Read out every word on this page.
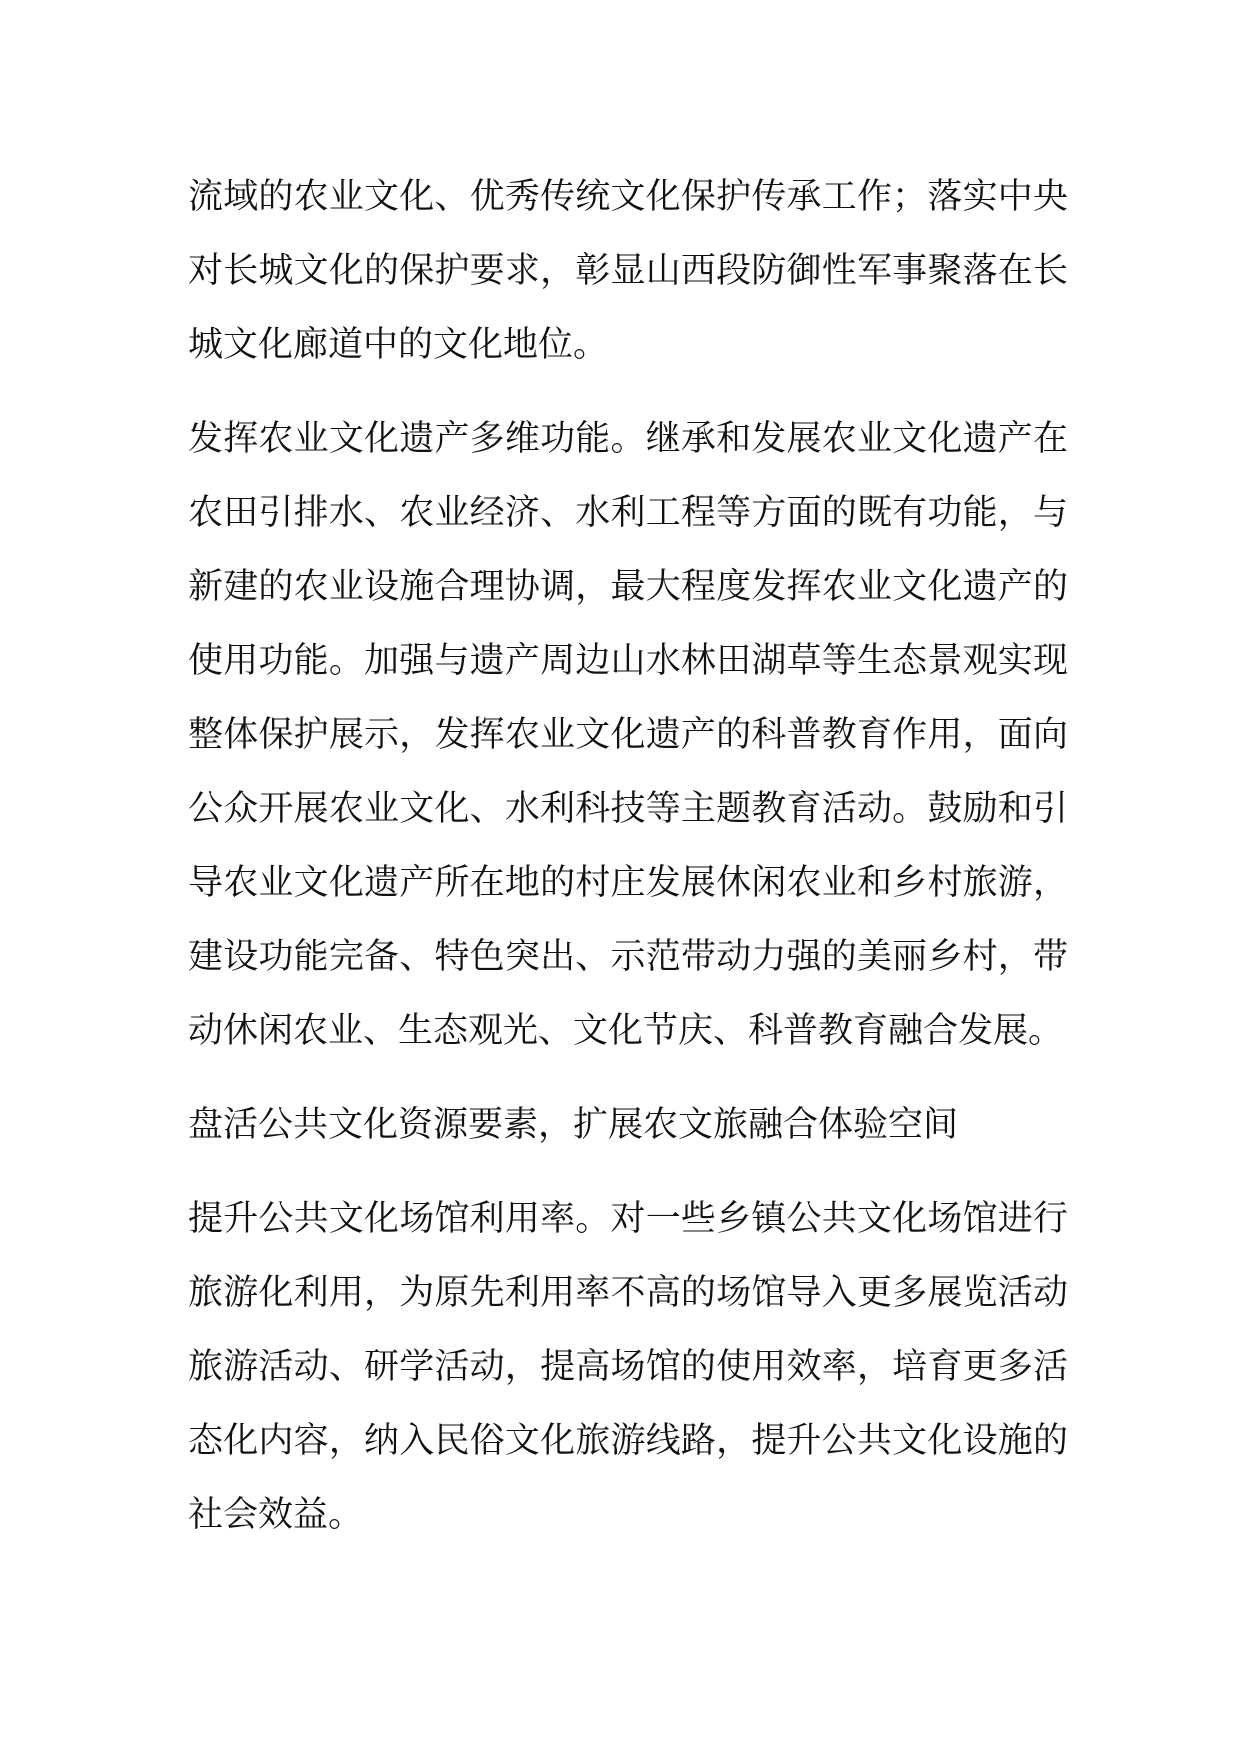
流域的农业文化、优秀传统文化保护传承工作；落实中央对长城文化的保护要求，彰显山西段防御性军事聚落在长城文化廊道中的文化地位。

发挥农业文化遗产多维功能。继承和发展农业文化遗产在农田引排水、农业经济、水利工程等方面的既有功能，与新建的农业设施合理协调，最大程度发挥农业文化遗产的使用功能。加强与遗产周边山水林田湖草等生态景观实现整体保护展示，发挥农业文化遗产的科普教育作用，面向公众开展农业文化、水利科技等主题教育活动。鼓励和引导农业文化遗产所在地的村庄发展休闲农业和乡村旅游，建设功能完备、特色突出、示范带动力强的美丽乡村，带动休闲农业、生态观光、文化节庆、科普教育融合发展。

盘活公共文化资源要素，扩展农文旅融合体验空间

提升公共文化场馆利用率。对一些乡镇公共文化场馆进行旅游化利用，为原先利用率不高的场馆导入更多展览活动旅游活动、研学活动，提高场馆的使用效率，培育更多活态化内容，纳入民俗文化旅游线路，提升公共文化设施的社会效益。
